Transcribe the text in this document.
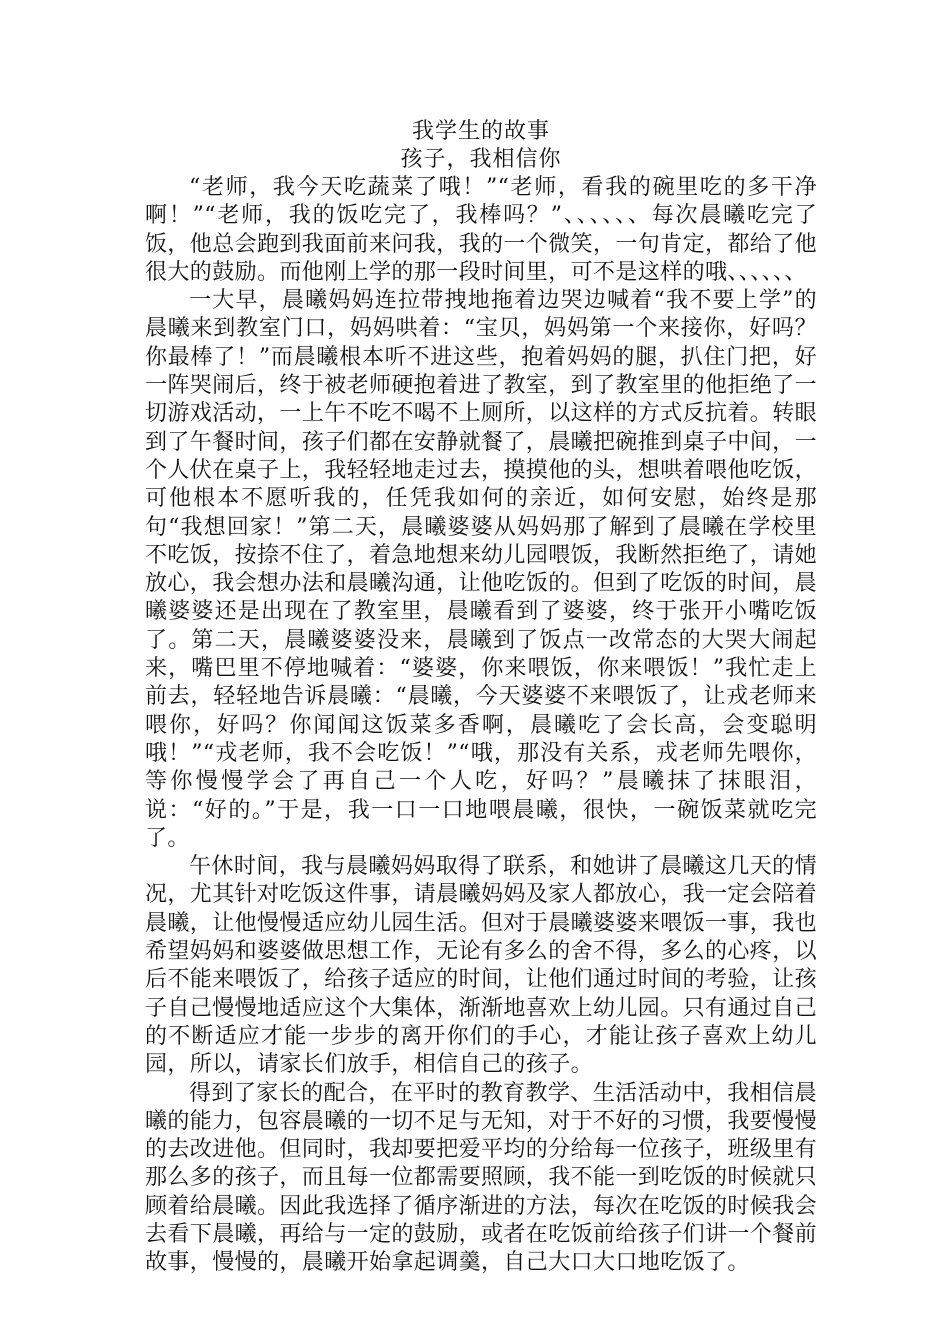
我学生的故事
孩子，我相信你

“老师，我今天吃蔬菜了哦！”“老师，看我的碗里吃的多干净啊！”“老师，我的饭吃完了，我棒吗？”、、、、、、每次晨曦吃完了饭，他总会跑到我面前来问我，我的一个微笑，一句肯定，都给了他很大的鼓励。而他刚上学的那一段时间里，可不是这样的哦、、、、、、

一大早，晨曦妈妈连拉带拽地拖着边哭边喊着“我不要上学”的晨曦来到教室门口，妈妈哄着：“宝贝，妈妈第一个来接你，好吗？你最棒了！”而晨曦根本听不进这些，抱着妈妈的腿，扒住门把，好一阵哭闹后，终于被老师硬抱着进了教室，到了教室里的他拒绝了一切游戏活动，一上午不吃不喝不上厕所，以这样的方式反抗着。转眼到了午餐时间，孩子们都在安静就餐了，晨曦把碗推到桌子中间，一个人伏在桌子上，我轻轻地走过去，摸摸他的头，想哄着喂他吃饭，可他根本不愿听我的，任凭我如何的亲近，如何安慰，始终是那句“我想回家！”第二天，晨曦婆婆从妈妈那了解到了晨曦在学校里不吃饭，按捺不住了，着急地想来幼儿园喂饭，我断然拒绝了，请她放心，我会想办法和晨曦沟通，让他吃饭的。但到了吃饭的时间，晨曦婆婆还是出现在了教室里，晨曦看到了婆婆，终于张开小嘴吃饭了。第二天，晨曦婆婆没来，晨曦到了饭点一改常态的大哭大闹起来，嘴巴里不停地喊着：“婆婆，你来喂饭，你来喂饭！”我忙走上前去，轻轻地告诉晨曦：“晨曦，今天婆婆不来喂饭了，让戎老师来喂你，好吗？你闻闻这饭菜多香啊，晨曦吃了会长高，会变聪明哦！”“戎老师，我不会吃饭！”“哦，那没有关系，戎老师先喂你，等你慢慢学会了再自己一个人吃，好吗？”晨曦抹了抹眼泪，说：“好的。”于是，我一口一口地喂晨曦，很快，一碗饭菜就吃完了。

午休时间，我与晨曦妈妈取得了联系，和她讲了晨曦这几天的情况，尤其针对吃饭这件事，请晨曦妈妈及家人都放心，我一定会陪着晨曦，让他慢慢适应幼儿园生活。但对于晨曦婆婆来喂饭一事，我也希望妈妈和婆婆做思想工作，无论有多么的舍不得，多么的心疼，以后不能来喂饭了，给孩子适应的时间，让他们通过时间的考验，让孩子自己慢慢地适应这个大集体，渐渐地喜欢上幼儿园。只有通过自己的不断适应才能一步步的离开你们的手心，才能让孩子喜欢上幼儿园，所以，请家长们放手，相信自己的孩子。

得到了家长的配合，在平时的教育教学、生活活动中，我相信晨曦的能力，包容晨曦的一切不足与无知，对于不好的习惯，我要慢慢的去改进他。但同时，我却要把爱平均的分给每一位孩子，班级里有那么多的孩子，而且每一位都需要照顾，我不能一到吃饭的时候就只顾着给晨曦。因此我选择了循序渐进的方法，每次在吃饭的时候我会去看下晨曦，再给与一定的鼓励，或者在吃饭前给孩子们讲一个餐前故事，慢慢的，晨曦开始拿起调羹，自己大口大口地吃饭了。
